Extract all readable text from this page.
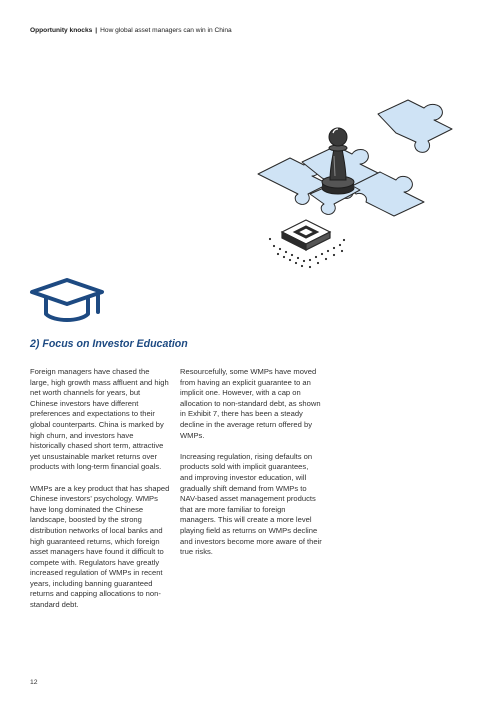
Opportunity knocks | How global asset managers can win in China
2) Focus on Investor Education

Foreign managers have chased the large, high growth mass affluent and high net worth channels for years, but Chinese investors have different preferences and expectations to their global counterparts. China is marked by high churn, and investors have historically chased short term, attractive yet unsustainable market returns over products with long-term financial goals.

WMPs are a key product that has shaped Chinese investors' psychology. WMPs have long dominated the Chinese landscape, boosted by the strong distribution networks of local banks and high guaranteed returns, which foreign asset managers have found it difficult to compete with. Regulators have greatly increased regulation of WMPs in recent years, including banning guaranteed returns and capping allocations to non-standard debt.

Resourcefully, some WMPs have moved from having an explicit guarantee to an implicit one. However, with a cap on allocation to non-standard debt, as shown in Exhibit 7, there has been a steady decline in the average return offered by WMPs.

Increasing regulation, rising defaults on products sold with implicit guarantees, and improving investor education, will gradually shift demand from WMPs to NAV-based asset management products that are more familiar to foreign managers. This will create a more level playing field as returns on WMPs decline and investors become more aware of their true risks.

12
